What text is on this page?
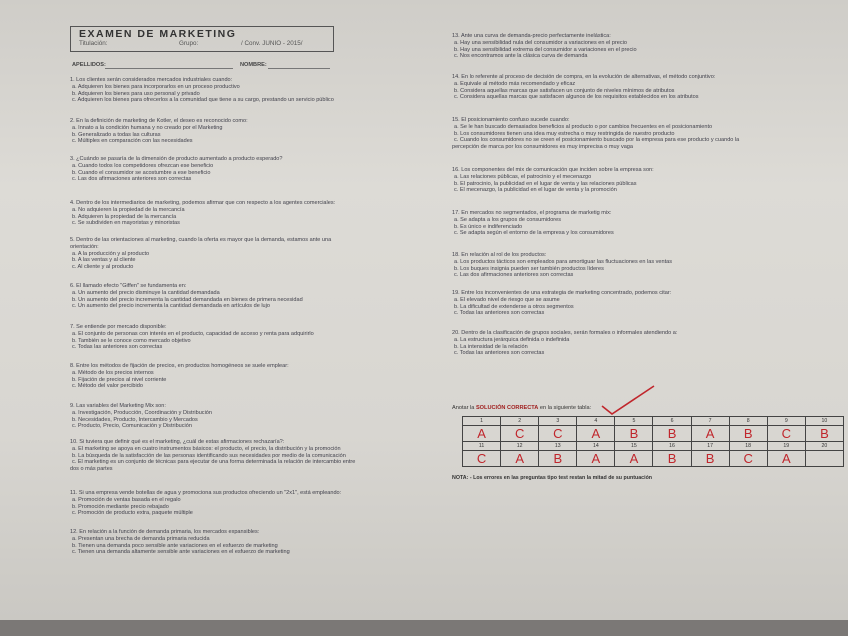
EXAMEN DE MARKETING
Titulación:	Grupo:	/ Conv. JUNIO - 2015/
APELLIDOS:	NOMBRE:
1. Los clientes serán considerados mercados industriales cuando:
a. Adquieren los bienes para incorporarlos en un proceso productivo
b. Adquieren los bienes para uso personal y privado
c. Adquieren los bienes para ofrecerlos a la comunidad que tiene a su cargo, prestando un servicio público
2. En la definición de marketing de Kotler, el deseo es reconocido como:
a. Innato a la condición humana y no creado por el Marketing
b. Generalizado a todas las culturas
c. Múltiples en comparación con las necesidades
3. ¿Cuándo se pasaría de la dimensión de producto aumentado a producto esperado?
a. Cuando todos los competidores ofrezcan ese beneficio
b. Cuando el consumidor se acostumbre a ese beneficio
c. Las dos afirmaciones anteriores son correctas
4. Dentro de los intermediarios de marketing, podemos afirmar que con respecto a los agentes comerciales:
a. No adquieren la propiedad de la mercancía
b. Adquieren la propiedad de la mercancía
c. Se subdividen en mayoristas y minoristas
5. Dentro de las orientaciones al marketing, cuando la oferta es mayor que la demanda, estamos ante una
orientación:
a. A la producción y al producto
b. A las ventas y al cliente
c. Al cliente y al producto
6. El llamado efecto "Giffen" se fundamenta en:
a. Un aumento del precio disminuye la cantidad demandada
b. Un aumento del precio incrementa la cantidad demandada en bienes de primera necesidad
c. Un aumento del precio incrementa la cantidad demandada en artículos de lujo
7. Se entiende por mercado disponible:
a. El conjunto de personas con interés en el producto, capacidad de acceso y renta para adquirirlo
b. También se le conoce como mercado objetivo
c. Todas las anteriores son correctas
8. Entre los métodos de fijación de precios, en productos homogéneos se suele emplear:
a. Método de los precios internos
b. Fijación de precios al nivel corriente
c. Método del valor percibido
9. Las variables del Marketing Mix son:
a. Investigación, Producción, Coordinación y Distribución
b. Necesidades, Producto, Intercambio y Mercados
c. Producto, Precio, Comunicación y Distribución
10. Si tuviera que definir qué es el marketing, ¿cuál de estas afirmaciones rechazaría?:
a. El marketing se apoya en cuatro instrumentos básicos: el producto, el precio, la distribución y la promoción
b. La búsqueda de la satisfacción de las personas identificando sus necesidades por medio de la comunicación
c. El marketing es un conjunto de técnicas para ejecutar de una forma determinada la relación de intercambio entre
dos o más partes
11. Si una empresa vende botellas de agua y promociona sus productos ofreciendo un "2x1", está empleando:
a. Promoción de ventas basada en el regalo
b. Promoción mediante precio rebajado
c. Promoción de producto extra, paquete múltiple
12. En relación a la función de demanda primaria, los mercados expansibles:
a. Presentan una brecha de demanda primaria reducida
b. Tienen una demanda poco sensible ante variaciones en el esfuerzo de marketing
c. Tienen una demanda altamente sensible ante variaciones en el esfuerzo de marketing
13. Ante una curva de demanda-precio perfectamente inelástica:
a. Hay una sensibilidad nula del consumidor a variaciones en el precio
b. Hay una sensibilidad extrema del consumidor a variaciones en el precio
c. Nos encontramos ante la clásica curva de demanda
14. En lo referente al proceso de decisión de compra, en la evolución de alternativas, el método conjuntivo:
a. Equivale al método más recomendado y eficaz
b. Considera aquellas marcas que satisfacen un conjunto de niveles mínimos de atributos
c. Considera aquellas marcas que satisfacen algunos de los requisitos establecidos en los atributos
15. El posicionamiento confuso sucede cuando:
a. Se le han buscado demasiados beneficios al producto o por cambios frecuentes en el posicionamiento
b. Los consumidores tienen una idea muy estrecha o muy restringida de nuestro producto
c. Cuando los consumidores no se creen el posicionamiento buscado por la empresa para ese producto y cuando la
percepción de marca por los consumidores es muy imprecisa o muy vaga
16. Los componentes del mix de comunicación que inciden sobre la empresa son:
a. Las relaciones públicas, el patrocinio y el mecenazgo
b. El patrocinio, la publicidad en el lugar de venta y las relaciones públicas
c. El mecenazgo, la publicidad en el lugar de venta y la promoción
17. En mercados no segmentados, el programa de marketig mix:
a. Se adapta a los grupos de consumidores
b. Es único e indiferenciado
c. Se adapta según el entorno de la empresa y los consumidores
18. En relación al rol de los productos:
a. Los productos tácticos son empleados para amortiguar las fluctuaciones en las ventas
b. Los buques insignia pueden ser también productos líderes
c. Las dos afirmaciones anteriores son correctas
19. Entre los inconvenientes de una estrategia de marketing concentrado, podemos citar:
a. El elevado nivel de riesgo que se asume
b. La dificultad de extenderse a otros segmentos
c. Todas las anteriores son correctas
20. Dentro de la clasificación de grupos sociales, serán formales o informales atendiendo a:
a. La estructura jerárquica definida o indefinida
b. La intensidad de la relación
c. Todas las anteriores son correctas
Anotar la SOLUCIÓN CORRECTA en la siguiente tabla:
1	2	3	4	5	6	7	8	9	10
A	C	C	A	B	B	A	B	C	B
11	12	13	14	15	16	17	18	19	20
C	A	B	A	A	B	B	C	A	
NOTA: - Los errores en las preguntas tipo test restan la mitad de su puntuación
